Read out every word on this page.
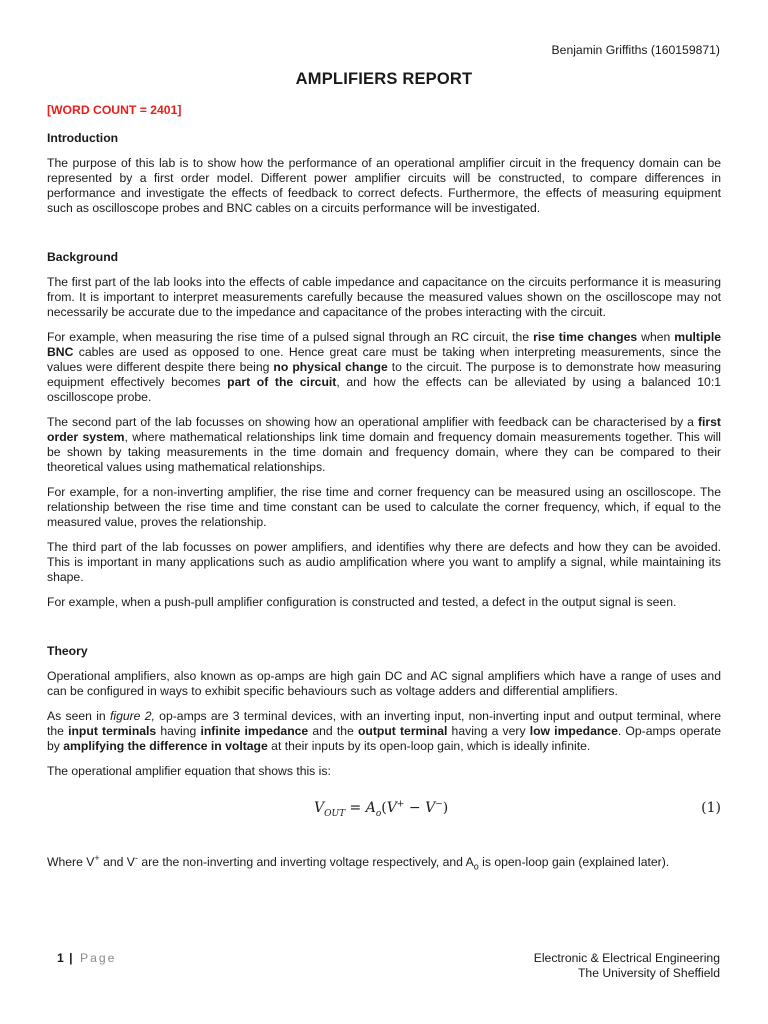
Benjamin Griffiths (160159871)
AMPLIFIERS REPORT
[WORD COUNT = 2401]
Introduction

The purpose of this lab is to show how the performance of an operational amplifier circuit in the frequency domain can be represented by a first order model. Different power amplifier circuits will be constructed, to compare differences in performance and investigate the effects of feedback to correct defects. Furthermore, the effects of measuring equipment such as oscilloscope probes and BNC cables on a circuits performance will be investigated.

Background

The first part of the lab looks into the effects of cable impedance and capacitance on the circuits performance it is measuring from. It is important to interpret measurements carefully because the measured values shown on the oscilloscope may not necessarily be accurate due to the impedance and capacitance of the probes interacting with the circuit.

For example, when measuring the rise time of a pulsed signal through an RC circuit, the rise time changes when multiple BNC cables are used as opposed to one. Hence great care must be taking when interpreting measurements, since the values were different despite there being no physical change to the circuit. The purpose is to demonstrate how measuring equipment effectively becomes part of the circuit, and how the effects can be alleviated by using a balanced 10:1 oscilloscope probe.

The second part of the lab focusses on showing how an operational amplifier with feedback can be characterised by a first order system, where mathematical relationships link time domain and frequency domain measurements together. This will be shown by taking measurements in the time domain and frequency domain, where they can be compared to their theoretical values using mathematical relationships.

For example, for a non-inverting amplifier, the rise time and corner frequency can be measured using an oscilloscope. The relationship between the rise time and time constant can be used to calculate the corner frequency, which, if equal to the measured value, proves the relationship.

The third part of the lab focusses on power amplifiers, and identifies why there are defects and how they can be avoided. This is important in many applications such as audio amplification where you want to amplify a signal, while maintaining its shape.

For example, when a push-pull amplifier configuration is constructed and tested, a defect in the output signal is seen.

Theory

Operational amplifiers, also known as op-amps are high gain DC and AC signal amplifiers which have a range of uses and can be configured in ways to exhibit specific behaviours such as voltage adders and differential amplifiers.

As seen in figure 2, op-amps are 3 terminal devices, with an inverting input, non-inverting input and output terminal, where the input terminals having infinite impedance and the output terminal having a very low impedance. Op-amps operate by amplifying the difference in voltage at their inputs by its open-loop gain, which is ideally infinite.

The operational amplifier equation that shows this is:

$V_{OUT} = A_o(V^+ - V^-)$	(1)

Where V+ and V- are the non-inverting and inverting voltage respectively, and $A_o$ is open-loop gain (explained later).

1 | Page	Electronic & Electrical Engineering
The University of Sheffield
